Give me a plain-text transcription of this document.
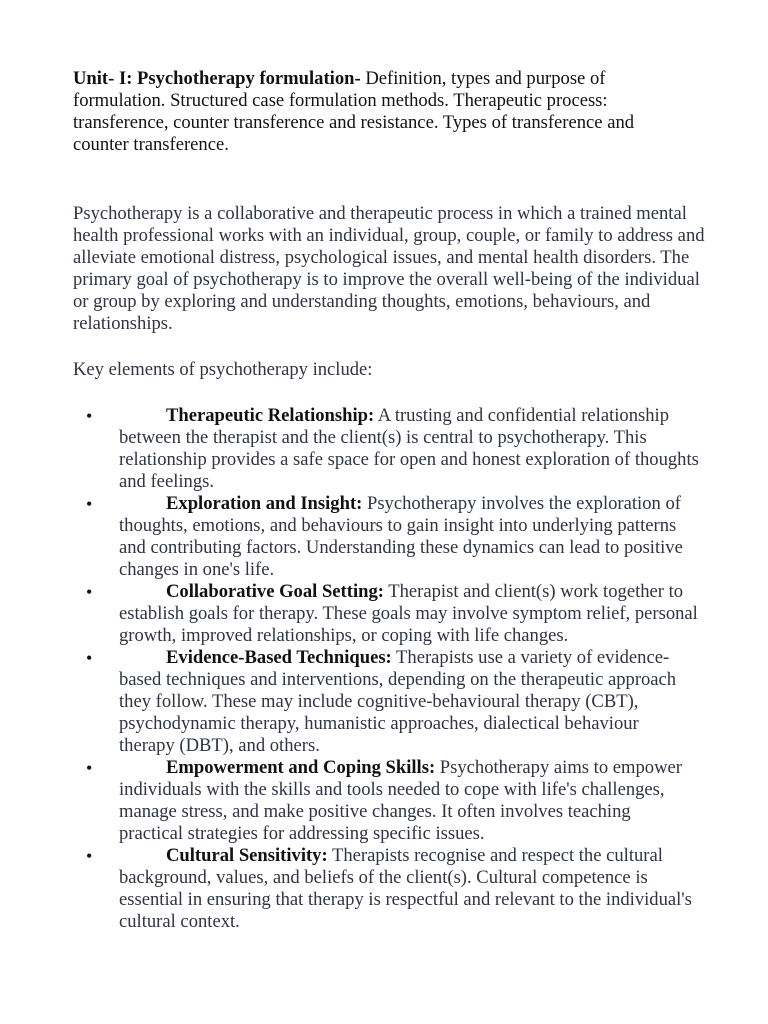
Unit- I: Psychotherapy formulation- Definition, types and purpose of formulation. Structured case formulation methods. Therapeutic process: transference, counter transference and resistance. Types of transference and counter transference.

Psychotherapy is a collaborative and therapeutic process in which a trained mental health professional works with an individual, group, couple, or family to address and alleviate emotional distress, psychological issues, and mental health disorders. The primary goal of psychotherapy is to improve the overall well-being of the individual or group by exploring and understanding thoughts, emotions, behaviours, and relationships.

Key elements of psychotherapy include:

•	Therapeutic Relationship: A trusting and confidential relationship between the therapist and the client(s) is central to psychotherapy. This relationship provides a safe space for open and honest exploration of thoughts and feelings.
•	Exploration and Insight: Psychotherapy involves the exploration of thoughts, emotions, and behaviours to gain insight into underlying patterns and contributing factors. Understanding these dynamics can lead to positive changes in one's life.
•	Collaborative Goal Setting: Therapist and client(s) work together to establish goals for therapy. These goals may involve symptom relief, personal growth, improved relationships, or coping with life changes.
•	Evidence-Based Techniques: Therapists use a variety of evidence-based techniques and interventions, depending on the therapeutic approach they follow. These may include cognitive-behavioural therapy (CBT), psychodynamic therapy, humanistic approaches, dialectical behaviour therapy (DBT), and others.
•	Empowerment and Coping Skills: Psychotherapy aims to empower individuals with the skills and tools needed to cope with life's challenges, manage stress, and make positive changes. It often involves teaching practical strategies for addressing specific issues.
•	Cultural Sensitivity: Therapists recognise and respect the cultural background, values, and beliefs of the client(s). Cultural competence is essential in ensuring that therapy is respectful and relevant to the individual's cultural context.
